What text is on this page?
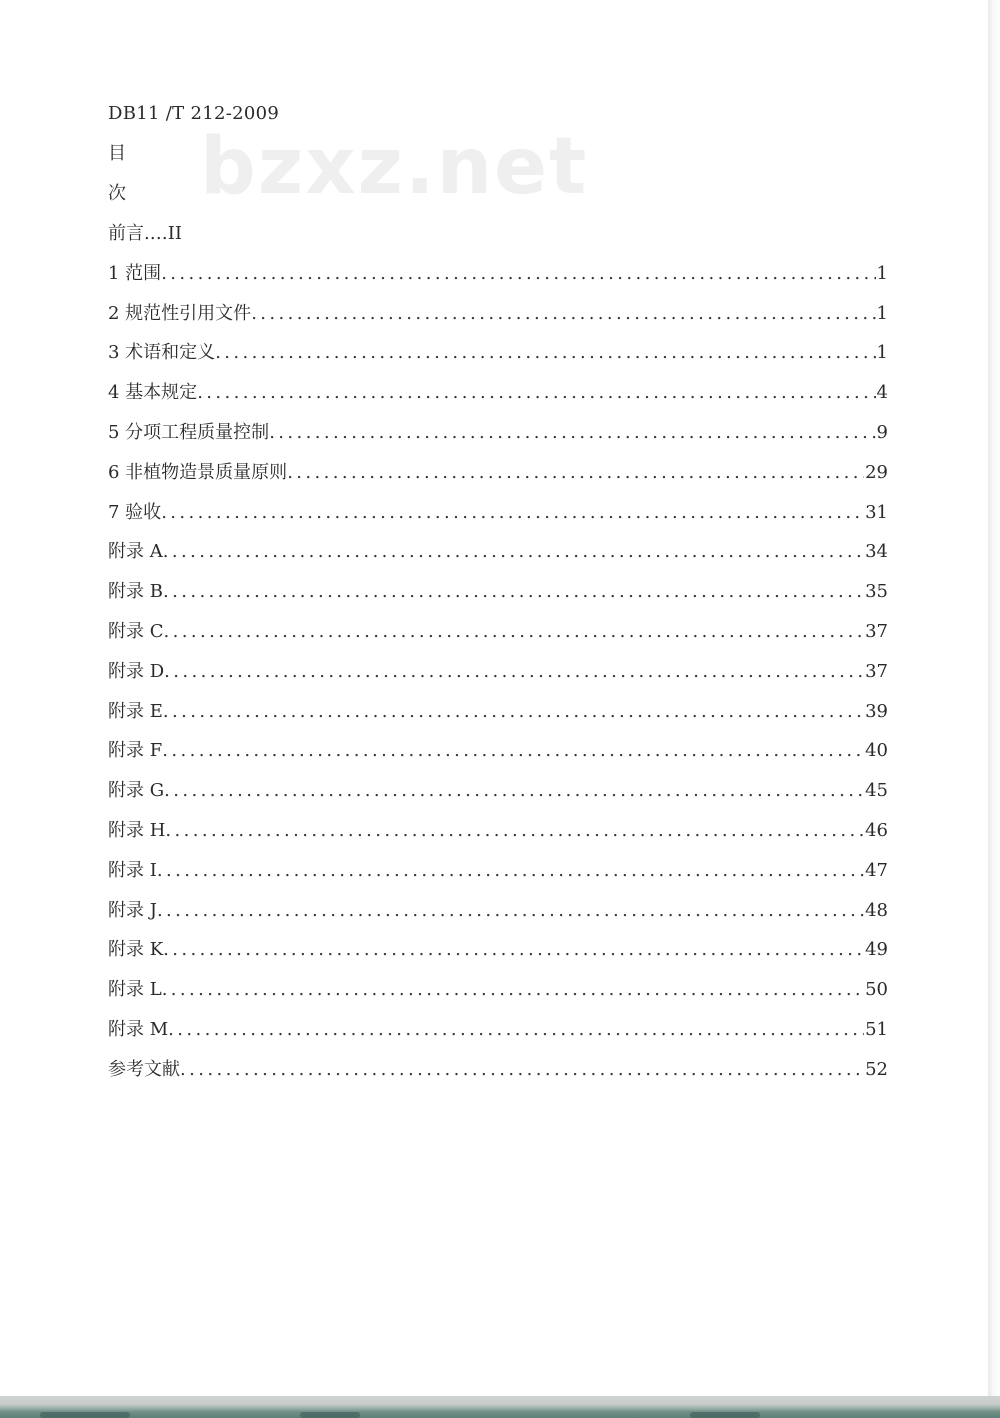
bzxz.net
DB11 /T 212-2009
目
次
前言.…II
1 范围 .....	1
2 规范性引用文件 .....	1
3 术语和定义 .....	1
4 基本规定 .....	4
5 分项工程质量控制 .....	9
6 非植物造景质量原则 .....	29
7 验收 .....	31
附录 A .....	34
附录 B .....	35
附录 C .....	37
附录 D .....	37
附录 E .....	39
附录 F .....	40
附录 G .....	45
附录 H .....	46
附录 I .....	47
附录 J .....	48
附录 K .....	49
附录 L .....	50
附录 M .....	51
参考文献 .....	52
